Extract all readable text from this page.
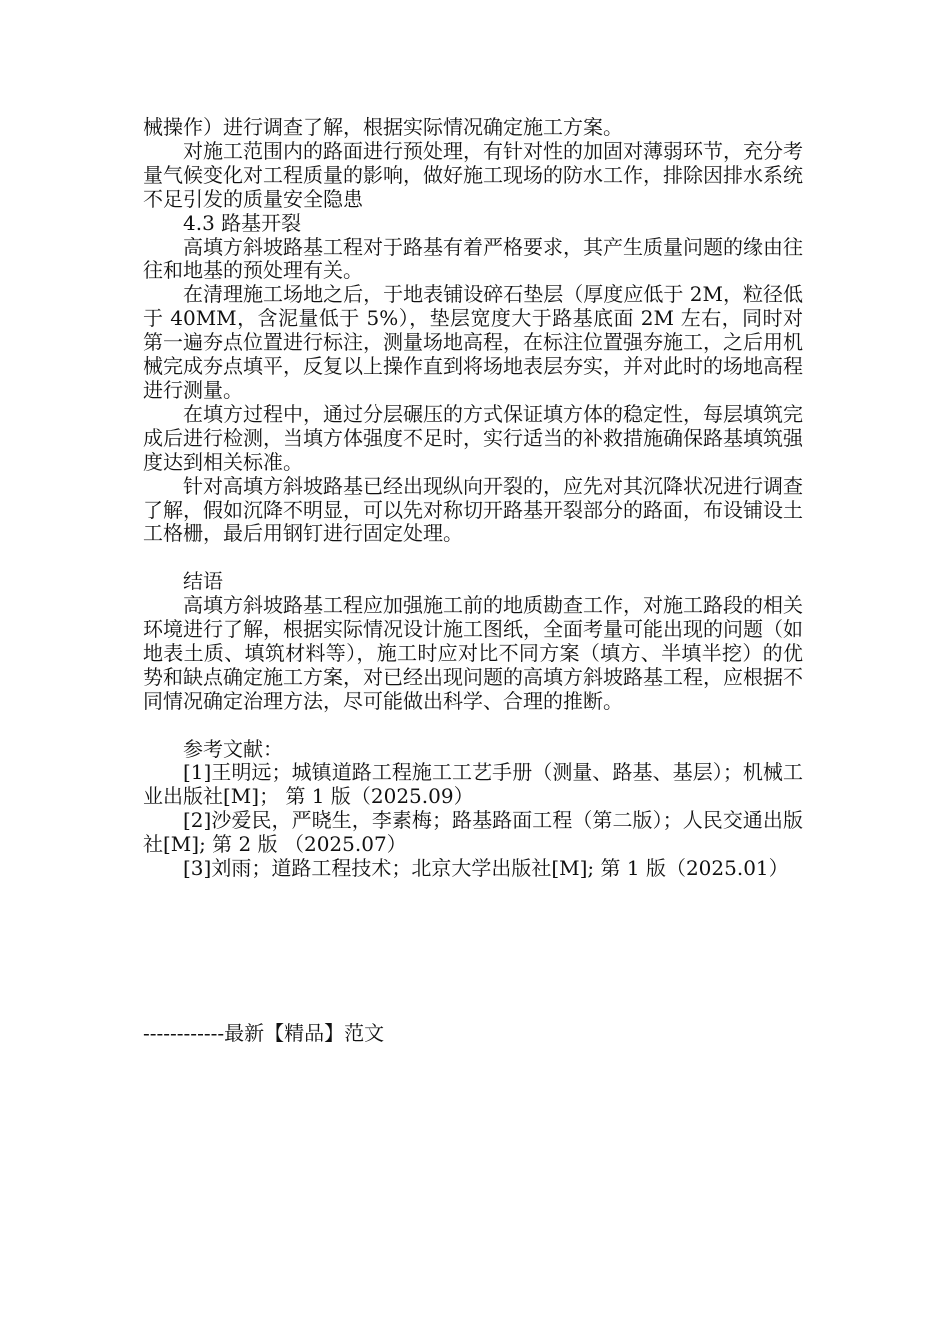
械操作）进行调查了解，根据实际情况确定施工方案。

对施工范围内的路面进行预处理，有针对性的加固对薄弱环节，充分考量气候变化对工程质量的影响，做好施工现场的防水工作，排除因排水系统不足引发的质量安全隐患

4.3 路基开裂

高填方斜坡路基工程对于路基有着严格要求，其产生质量问题的缘由往往和地基的预处理有关。

在清理施工场地之后，于地表铺设碎石垫层（厚度应低于 2M，粒径低于 40MM，含泥量低于 5%），垫层宽度大于路基底面 2M 左右，同时对第一遍夯点位置进行标注，测量场地高程，在标注位置强夯施工，之后用机械完成夯点填平，反复以上操作直到将场地表层夯实，并对此时的场地高程进行测量。

在填方过程中，通过分层碾压的方式保证填方体的稳定性，每层填筑完成后进行检测，当填方体强度不足时，实行适当的补救措施确保路基填筑强度达到相关标准。

针对高填方斜坡路基已经出现纵向开裂的，应先对其沉降状况进行调查了解，假如沉降不明显，可以先对称切开路基开裂部分的路面，布设铺设土工格栅，最后用钢钉进行固定处理。

结语

高填方斜坡路基工程应加强施工前的地质勘查工作，对施工路段的相关环境进行了解，根据实际情况设计施工图纸，全面考量可能出现的问题（如地表土质、填筑材料等），施工时应对比不同方案（填方、半填半挖）的优势和缺点确定施工方案，对已经出现问题的高填方斜坡路基工程，应根据不同情况确定治理方法，尽可能做出科学、合理的推断。

参考文献：

[1]王明远；城镇道路工程施工工艺手册（测量、路基、基层）；机械工业出版社[M]； 第 1 版（2025.09）

[2]沙爱民，严晓生，李素梅；路基路面工程（第二版）；人民交通出版社[M]; 第 2 版 （2025.07）

[3]刘雨；道路工程技术；北京大学出版社[M]; 第 1 版（2025.01）

------------最新【精品】范文
